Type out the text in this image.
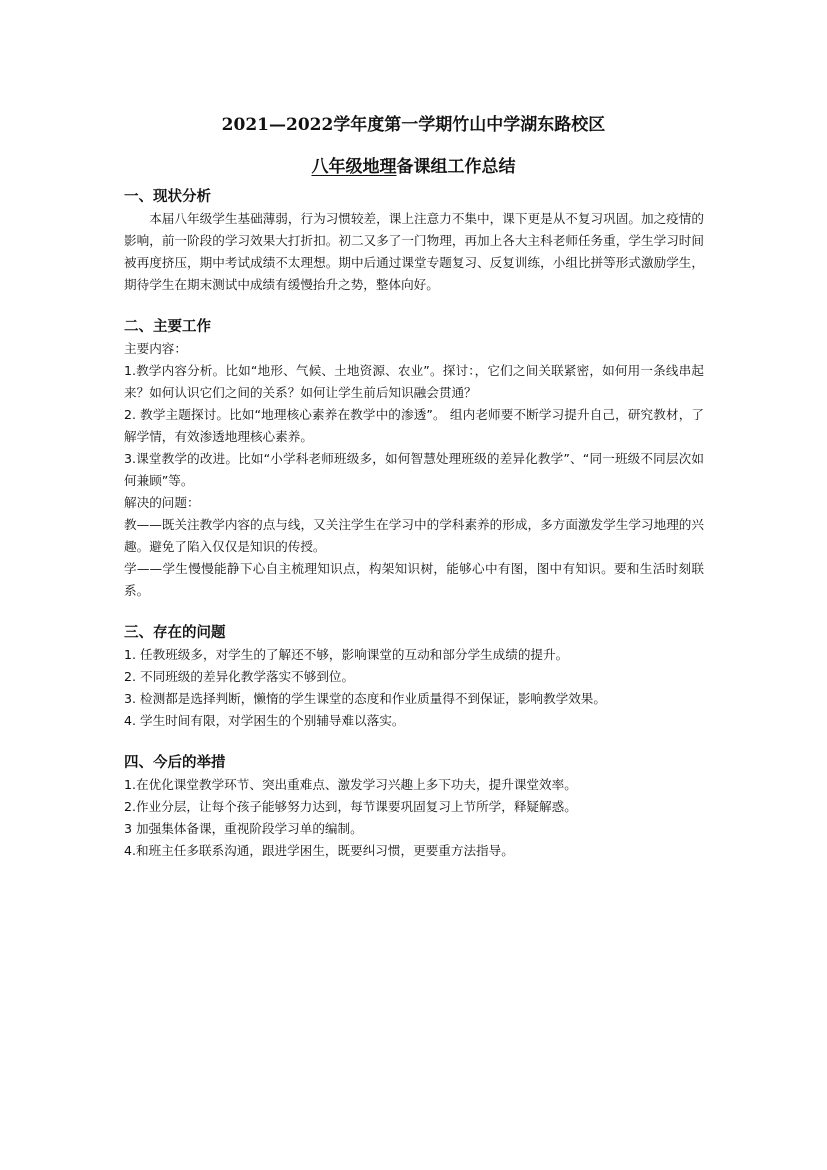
2021—2022学年度第一学期竹山中学湖东路校区
八年级地理备课组工作总结
一、现状分析

本届八年级学生基础薄弱，行为习惯较差，课上注意力不集中，课下更是从不复习巩固。加之疫情的影响，前一阶段的学习效果大打折扣。初二又多了一门物理，再加上各大主科老师任务重，学生学习时间被再度挤压，期中考试成绩不太理想。期中后通过课堂专题复习、反复训练，小组比拼等形式激励学生，期待学生在期末测试中成绩有缓慢抬升之势，整体向好。

二、主要工作

主要内容：

1.教学内容分析。比如“地形、气候、土地资源、农业”。探讨：，它们之间关联紧密，如何用一条线串起来？如何认识它们之间的关系？如何让学生前后知识融会贯通？

2. 教学主题探讨。比如“地理核心素养在教学中的渗透”。 组内老师要不断学习提升自己，研究教材，了解学情，有效渗透地理核心素养。

3.课堂教学的改进。比如“小学科老师班级多，如何智慧处理班级的差异化教学”、“同一班级不同层次如何兼顾”等。

解决的问题：

教——既关注教学内容的点与线，又关注学生在学习中的学科素养的形成，多方面激发学生学习地理的兴趣。避免了陷入仅仅是知识的传授。

学——学生慢慢能静下心自主梳理知识点，构架知识树，能够心中有图，图中有知识。要和生活时刻联系。

三、存在的问题

1. 任教班级多，对学生的了解还不够，影响课堂的互动和部分学生成绩的提升。

2. 不同班级的差异化教学落实不够到位。

3. 检测都是选择判断，懒惰的学生课堂的态度和作业质量得不到保证，影响教学效果。

4. 学生时间有限，对学困生的个别辅导难以落实。

四、今后的举措

1.在优化课堂教学环节、突出重难点、激发学习兴趣上多下功夫，提升课堂效率。

2.作业分层，让每个孩子能够努力达到，每节课要巩固复习上节所学，释疑解惑。

3 加强集体备课，重视阶段学习单的编制。

4.和班主任多联系沟通，跟进学困生，既要纠习惯，更要重方法指导。
